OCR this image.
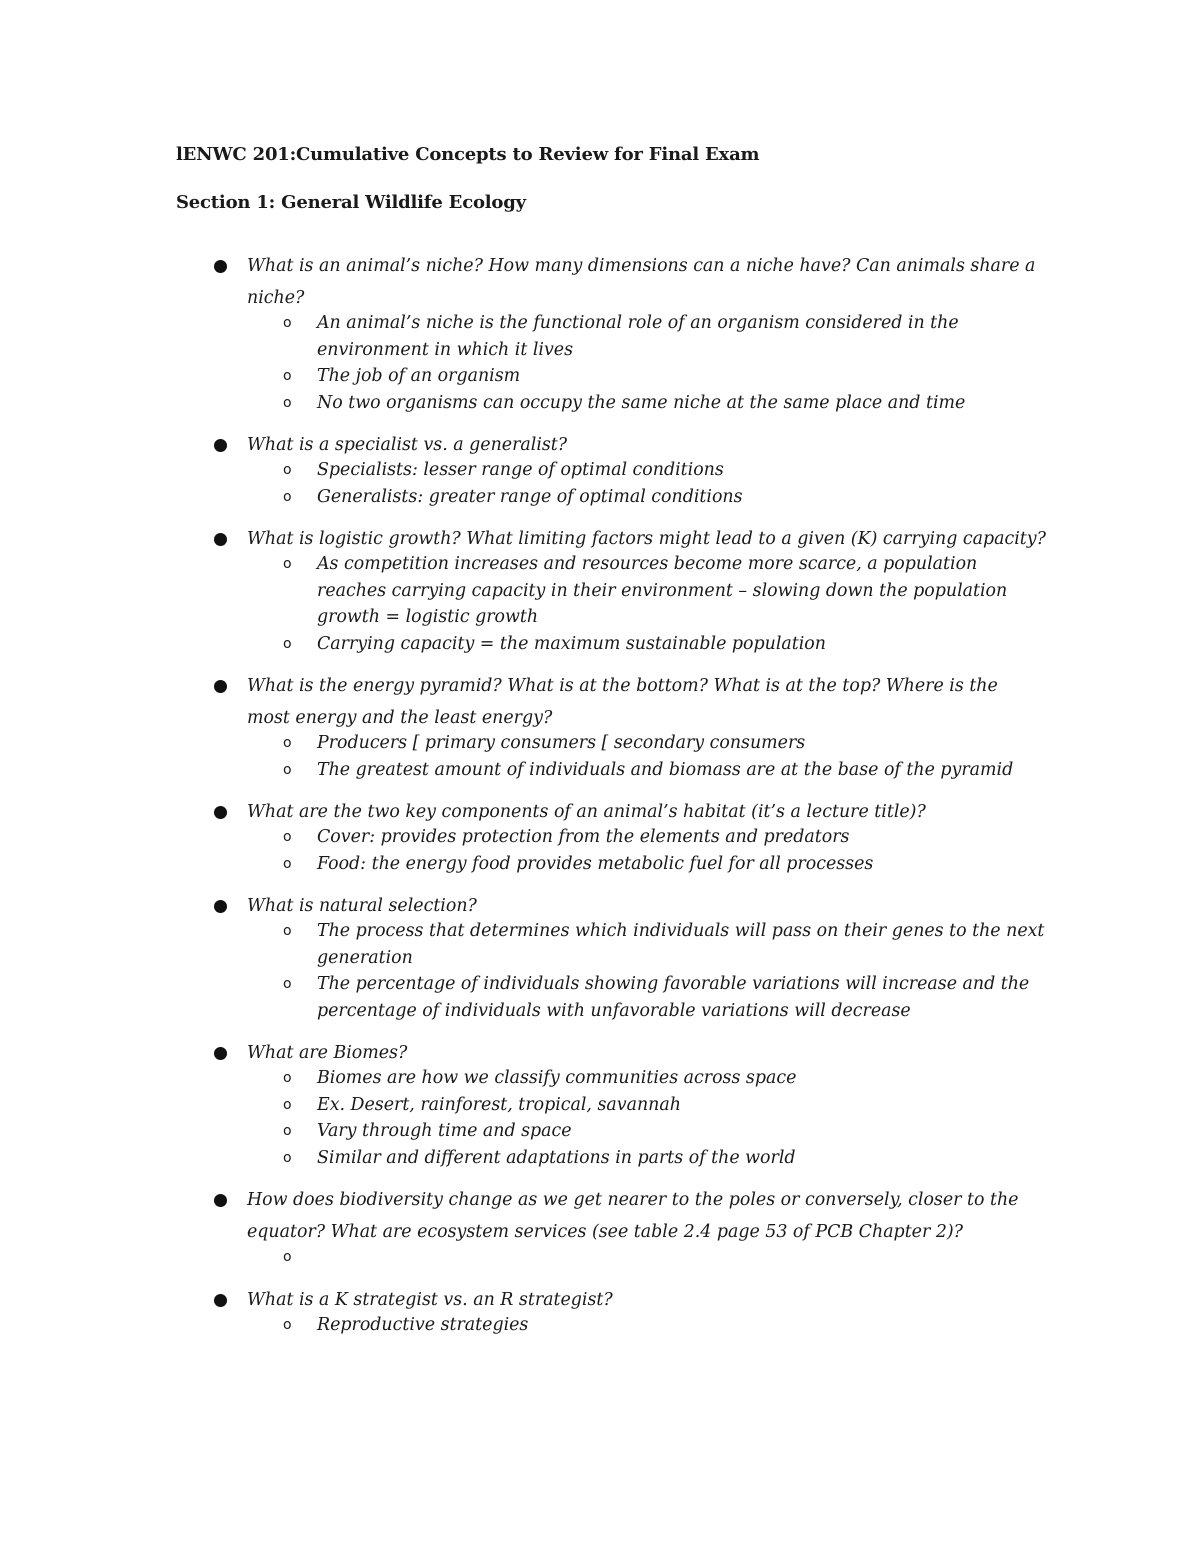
lENWC 201:Cumulative Concepts to Review for Final Exam
Section 1: General Wildlife Ecology
What is an animal’s niche? How many dimensions can a niche have? Can animals share a niche?
o An animal’s niche is the functional role of an organism considered in the environment in which it lives
o The job of an organism
o No two organisms can occupy the same niche at the same place and time
What is a specialist vs. a generalist?
o Specialists: lesser range of optimal conditions
o Generalists: greater range of optimal conditions
What is logistic growth? What limiting factors might lead to a given (K) carrying capacity?
o As competition increases and resources become more scarce, a population reaches carrying capacity in their environment – slowing down the population growth = logistic growth
o Carrying capacity = the maximum sustainable population
What is the energy pyramid? What is at the bottom? What is at the top? Where is the most energy and the least energy?
o Producers [ primary consumers [ secondary consumers
o The greatest amount of individuals and biomass are at the base of the pyramid
What are the two key components of an animal’s habitat (it’s a lecture title)?
o Cover: provides protection from the elements and predators
o Food: the energy food provides metabolic fuel for all processes
What is natural selection?
o The process that determines which individuals will pass on their genes to the next generation
o The percentage of individuals showing favorable variations will increase and the percentage of individuals with unfavorable variations will decrease
What are Biomes?
o Biomes are how we classify communities across space
o Ex. Desert, rainforest, tropical, savannah
o Vary through time and space
o Similar and different adaptations in parts of the world
How does biodiversity change as we get nearer to the poles or conversely, closer to the equator? What are ecosystem services (see table 2.4 page 53 of PCB Chapter 2)?
o
What is a K strategist vs. an R strategist?
o Reproductive strategies
